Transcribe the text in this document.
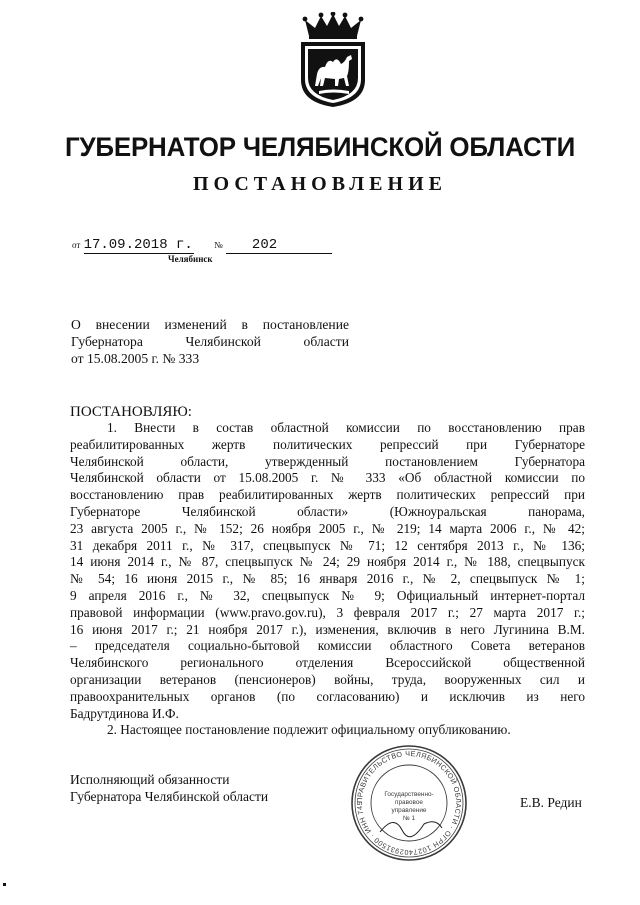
ГУБЕРНАТОР ЧЕЛЯБИНСКОЙ ОБЛАСТИ
ПОСТАНОВЛЕНИЕ
от 17.09.2018 г. № 202
Челябинск
О внесении изменений в постановление
Губернатора Челябинской области
от 15.08.2005 г. № 333
ПОСТАНОВЛЯЮ:
1. Внести в состав областной комиссии по восстановлению прав
реабилитированных жертв политических репрессий при Губернаторе
Челябинской области, утвержденный постановлением Губернатора
Челябинской области от 15.08.2005 г. № 333 «Об областной комиссии по
восстановлению прав реабилитированных жертв политических репрессий при
Губернаторе Челябинской области» (Южноуральская панорама,
23 августа 2005 г., № 152; 26 ноября 2005 г., № 219; 14 марта 2006 г., № 42;
31 декабря 2011 г., № 317, спецвыпуск № 71; 12 сентября 2013 г., № 136;
14 июня 2014 г., № 87, спецвыпуск № 24; 29 ноября 2014 г., № 188, спецвыпуск
№ 54; 16 июня 2015 г., № 85; 16 января 2016 г., № 2, спецвыпуск № 1;
9 апреля 2016 г., № 32, спецвыпуск № 9; Официальный интернет-портал
правовой информации (www.pravo.gov.ru), 3 февраля 2017 г.; 27 марта 2017 г.;
16 июня 2017 г.; 21 ноября 2017 г.), изменения, включив в него Лугинина В.М.
– председателя социально-бытовой комиссии областного Совета ветеранов
Челябинского регионального отделения Всероссийской общественной
организации ветеранов (пенсионеров) войны, труда, вооруженных сил и
правоохранительных органов (по согласованию) и исключив из него
Бадрутдинова И.Ф.

2. Настоящее постановление подлежит официальному опубликованию.

Исполняющий обязанности
Губернатора Челябинской области	ПРАВИТЕЛЬСТВО ЧЕЛЯБИНСКОЙ ОБЛАСТИ · ОГРН 1027402931500 · ИНН 745
Государственно-
правовое
управление
№ 1
Е.В. Редин
